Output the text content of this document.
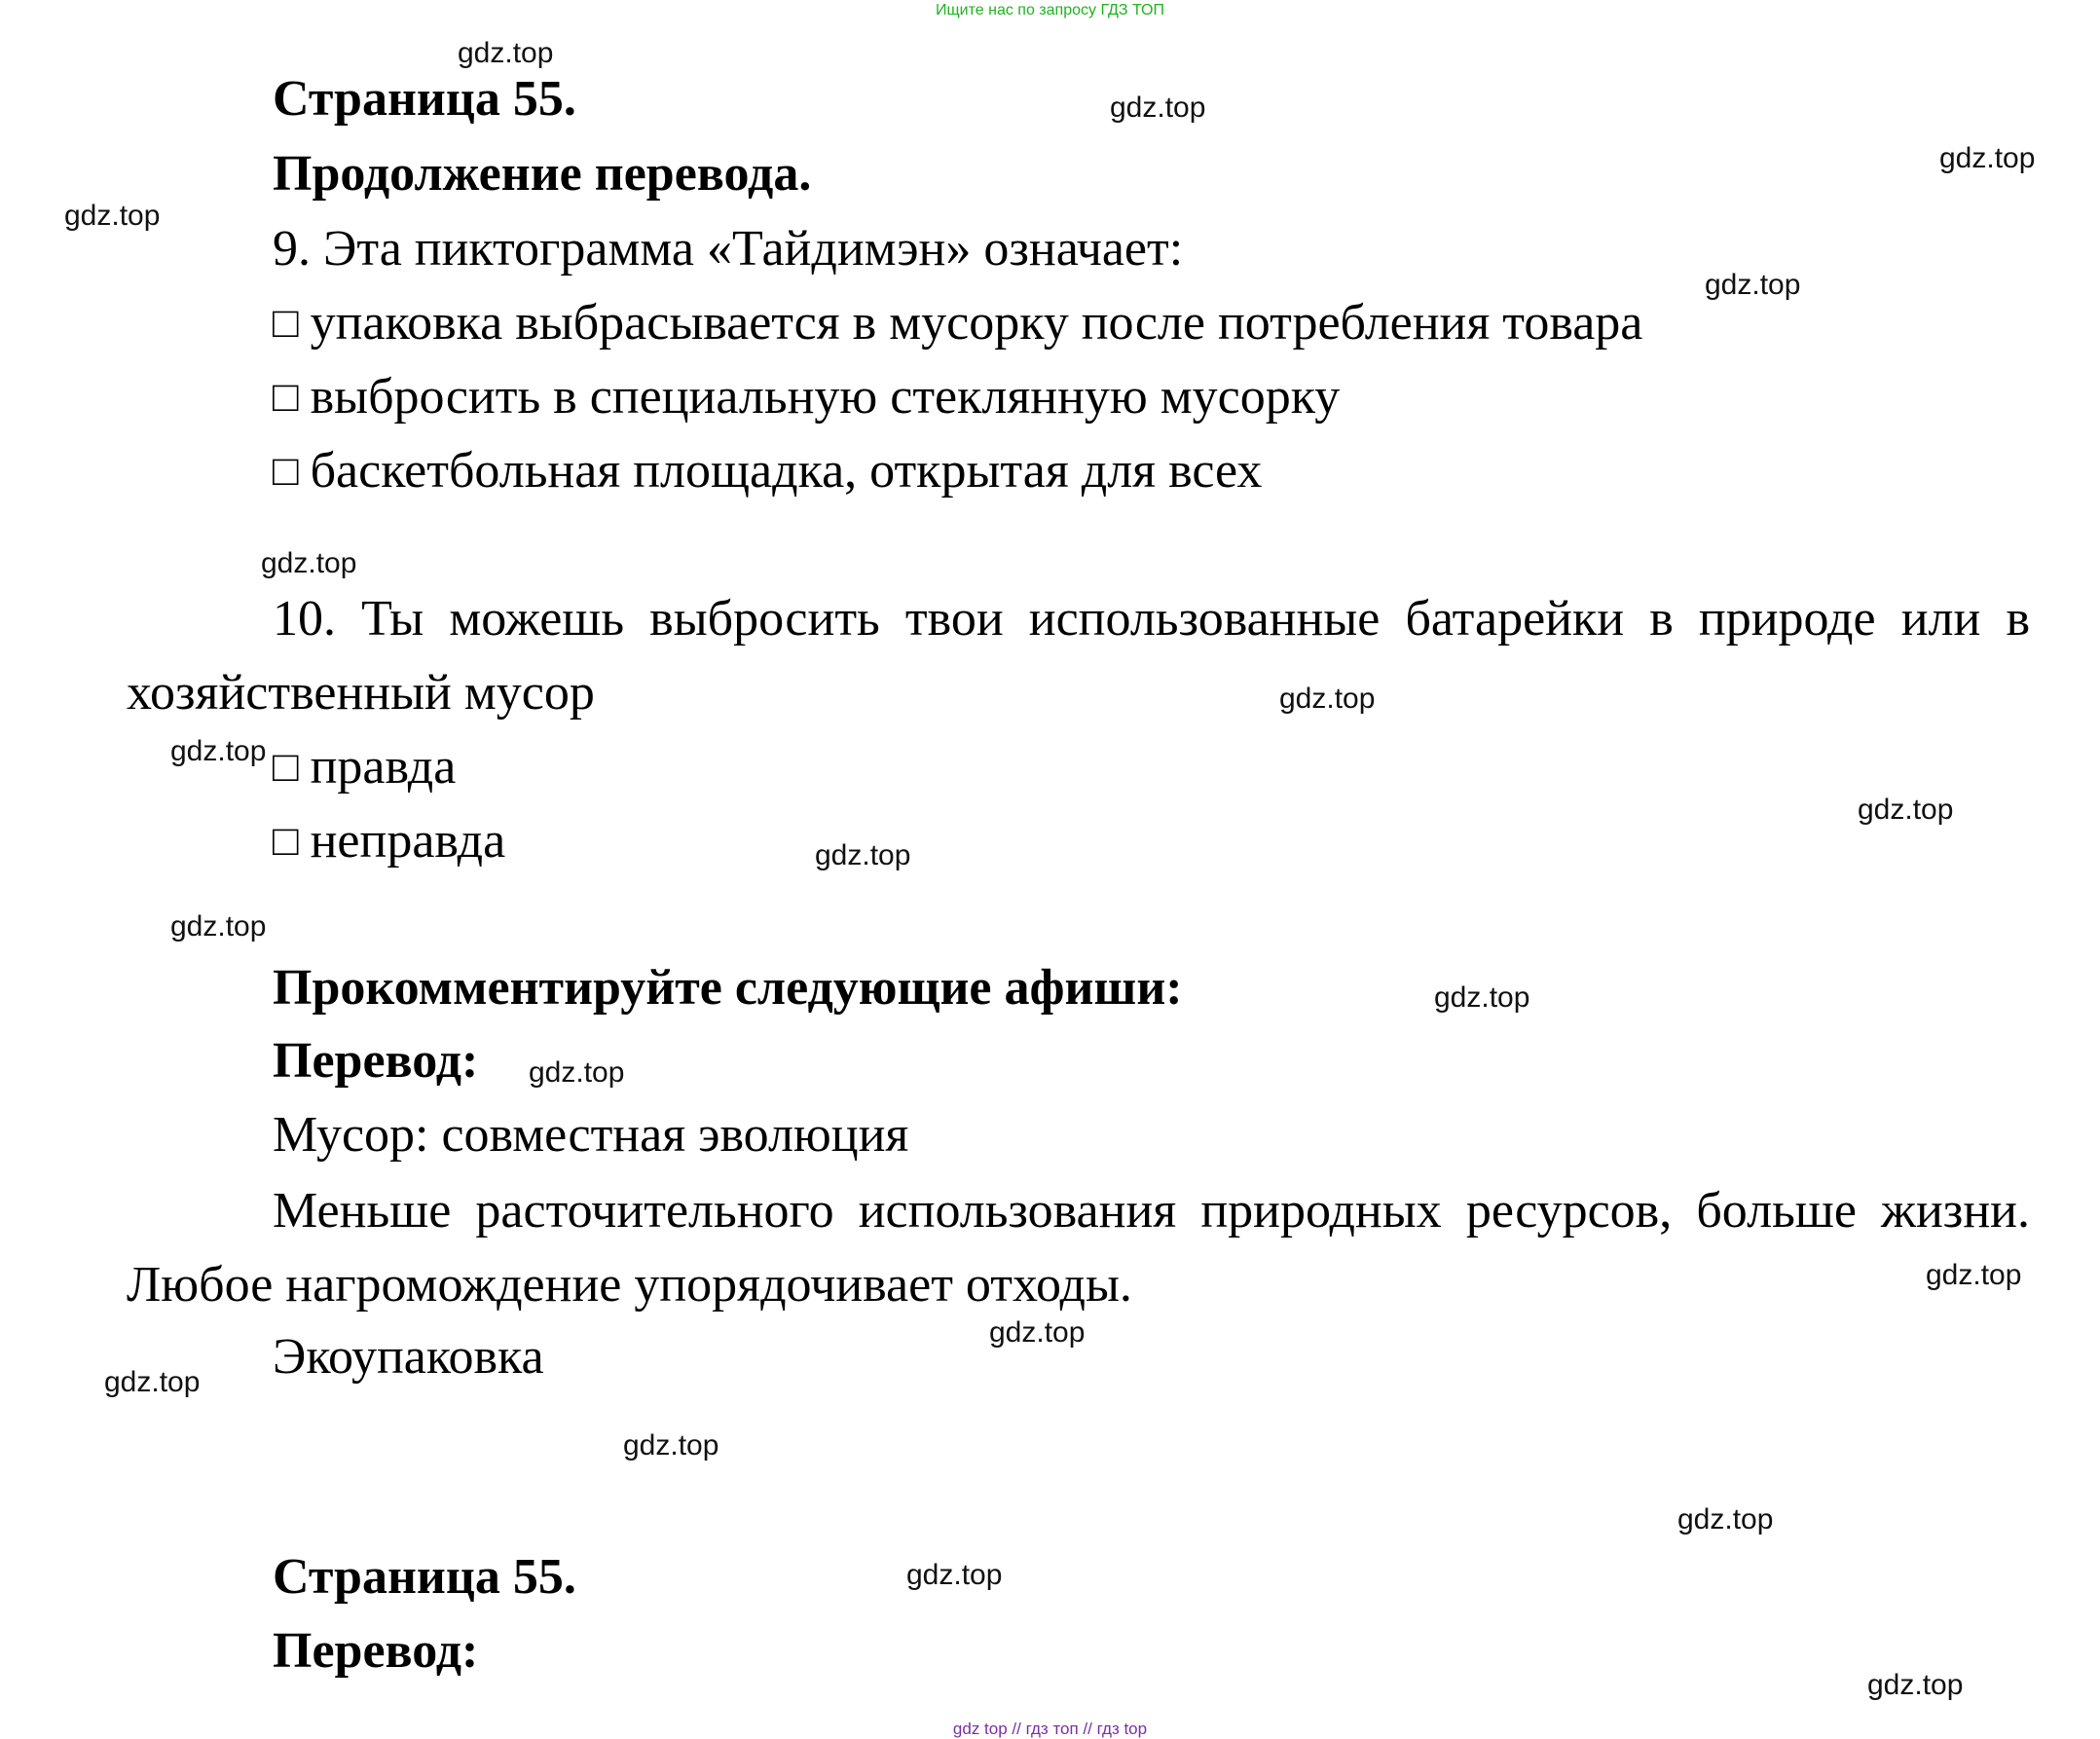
Ищите нас по запросу ГДЗ ТОП
Страница 55.
Продолжение перевода.
9. Эта пиктограмма «Тайдимэн» означает:
□ упаковка выбрасывается в мусорку после потребления товара
□ выбросить в специальную стеклянную мусорку
□ баскетбольная площадка, открытая для всех
10. Ты можешь выбросить твои использованные батарейки в природе или в хозяйственный мусор
□ правда
□ неправда
Прокомментируйте следующие афиши:
Перевод:
Мусор: совместная эволюция
Меньше расточительного использования природных ресурсов, больше жизни. Любое нагромождение упорядочивает отходы.
Экоупаковка
Страница 55.
Перевод:
gdz.top
gdz.top
gdz.top
gdz.top
gdz.top
gdz.top
gdz.top
gdz.top
gdz.top
gdz.top
gdz.top
gdz.top
gdz.top
gdz.top
gdz.top
gdz.top
gdz.top
gdz.top
gdz.top
gdz.top
gdz top // гдз топ // гдз top
